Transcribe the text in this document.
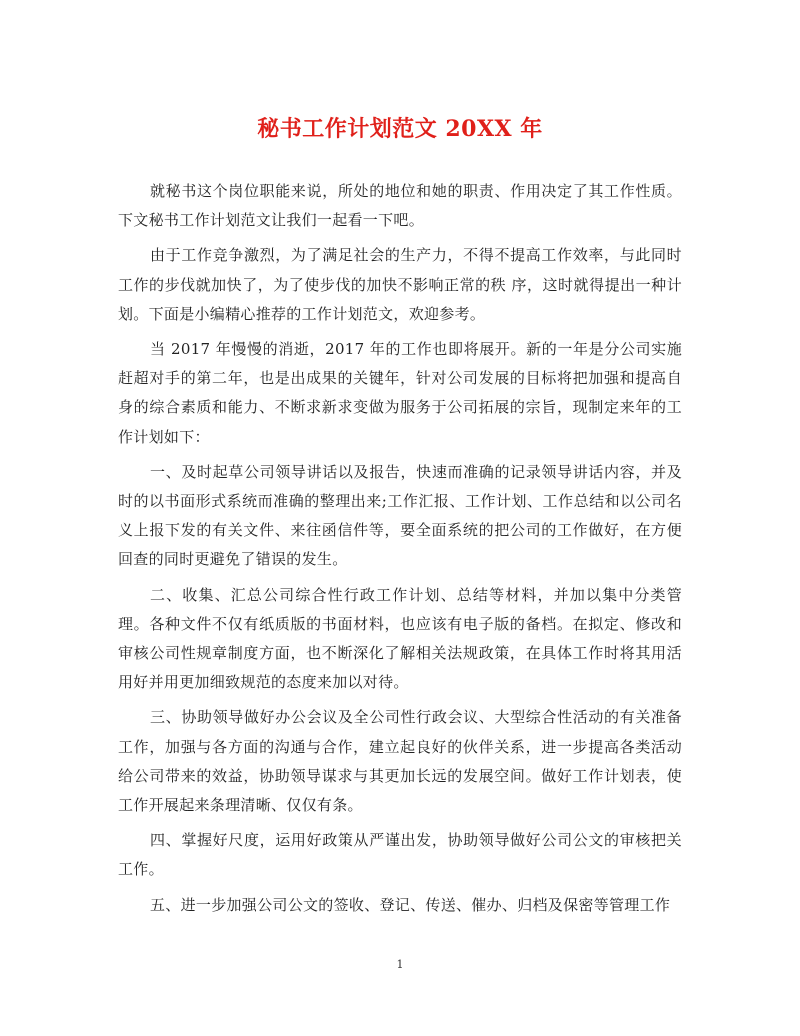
秘书工作计划范文 20XX 年

就秘书这个岗位职能来说，所处的地位和她的职责、作用决定了其工作性质。下文秘书工作计划范文让我们一起看一下吧。

由于工作竞争激烈，为了满足社会的生产力，不得不提高工作效率，与此同时工作的步伐就加快了，为了使步伐的加快不影响正常的秩 序，这时就得提出一种计划。下面是小编精心推荐的工作计划范文，欢迎参考。

当 2017 年慢慢的消逝，2017 年的工作也即将展开。新的一年是分公司实施赶超对手的第二年，也是出成果的关键年，针对公司发展的目标将把加强和提高自身的综合素质和能力、不断求新求变做为服务于公司拓展的宗旨，现制定来年的工作计划如下：

一、及时起草公司领导讲话以及报告，快速而准确的记录领导讲话内容，并及时的以书面形式系统而准确的整理出来;工作汇报、工作计划、工作总结和以公司名义上报下发的有关文件、来往函信件等，要全面系统的把公司的工作做好，在方便回查的同时更避免了错误的发生。

二、收集、汇总公司综合性行政工作计划、总结等材料，并加以集中分类管理。各种文件不仅有纸质版的书面材料，也应该有电子版的备档。在拟定、修改和审核公司性规章制度方面，也不断深化了解相关法规政策，在具体工作时将其用活用好并用更加细致规范的态度来加以对待。

三、协助领导做好办公会议及全公司性行政会议、大型综合性活动的有关准备工作，加强与各方面的沟通与合作，建立起良好的伙伴关系，进一步提高各类活动给公司带来的效益，协助领导谋求与其更加长远的发展空间。做好工作计划表，使工作开展起来条理清晰、仅仅有条。

四、掌握好尺度，运用好政策从严谨出发，协助领导做好公司公文的审核把关工作。

五、进一步加强公司公文的签收、登记、传送、催办、归档及保密等管理工作

1
